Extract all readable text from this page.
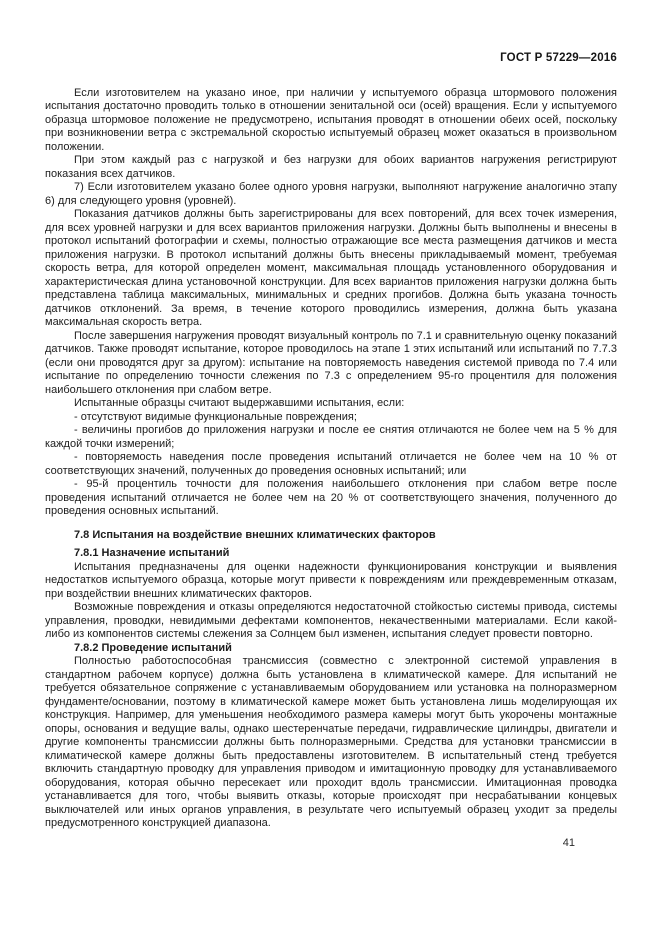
ГОСТ Р 57229—2016

Если изготовителем на указано иное, при наличии у испытуемого образца штормового положения испытания достаточно проводить только в отношении зенитальной оси (осей) вращения. Если у испытуемого образца штормовое положение не предусмотрено, испытания проводят в отношении обеих осей, поскольку при возникновении ветра с экстремальной скоростью испытуемый образец может оказаться в произвольном положении.

При этом каждый раз с нагрузкой и без нагрузки для обоих вариантов нагружения регистрируют показания всех датчиков.

7) Если изготовителем указано более одного уровня нагрузки, выполняют нагружение аналогично этапу 6) для следующего уровня (уровней).

Показания датчиков должны быть зарегистрированы для всех повторений, для всех точек измерения, для всех уровней нагрузки и для всех вариантов приложения нагрузки. Должны быть выполнены и внесены в протокол испытаний фотографии и схемы, полностью отражающие все места размещения датчиков и места приложения нагрузки. В протокол испытаний должны быть внесены прикладываемый момент, требуемая скорость ветра, для которой определен момент, максимальная площадь установленного оборудования и характеристическая длина установочной конструкции. Для всех вариантов приложения нагрузки должна быть представлена таблица максимальных, минимальных и средних прогибов. Должна быть указана точность датчиков отклонений. За время, в течение которого проводились измерения, должна быть указана максимальная скорость ветра.

После завершения нагружения проводят визуальный контроль по 7.1 и сравнительную оценку показаний датчиков. Также проводят испытание, которое проводилось на этапе 1 этих испытаний или испытаний по 7.7.3 (если они проводятся друг за другом): испытание на повторяемость наведения системой привода по 7.4 или испытание по определению точности слежения по 7.3 с определением 95-го процентиля для положения наибольшего отклонения при слабом ветре.

Испытанные образцы считают выдержавшими испытания, если:

- отсутствуют видимые функциональные повреждения;

- величины прогибов до приложения нагрузки и после ее снятия отличаются не более чем на 5 % для каждой точки измерений;

- повторяемость наведения после проведения испытаний отличается не более чем на 10 % от соответствующих значений, полученных до проведения основных испытаний; или

- 95-й процентиль точности для положения наибольшего отклонения при слабом ветре после проведения испытаний отличается не более чем на 20 % от соответствующего значения, полученного до проведения основных испытаний.

7.8 Испытания на воздействие внешних климатических факторов

7.8.1 Назначение испытаний

Испытания предназначены для оценки надежности функционирования конструкции и выявления недостатков испытуемого образца, которые могут привести к повреждениям или преждевременным отказам, при воздействии внешних климатических факторов.

Возможные повреждения и отказы определяются недостаточной стойкостью системы привода, системы управления, проводки, невидимыми дефектами компонентов, некачественными материалами. Если какой-либо из компонентов системы слежения за Солнцем был изменен, испытания следует провести повторно.

7.8.2 Проведение испытаний

Полностью работоспособная трансмиссия (совместно с электронной системой управления в стандартном рабочем корпусе) должна быть установлена в климатической камере. Для испытаний не требуется обязательное сопряжение с устанавливаемым оборудованием или установка на полноразмерном фундаменте/основании, поэтому в климатической камере может быть установлена лишь моделирующая их конструкция. Например, для уменьшения необходимого размера камеры могут быть укорочены монтажные опоры, основания и ведущие валы, однако шестеренчатые передачи, гидравлические цилиндры, двигатели и другие компоненты трансмиссии должны быть полноразмерными. Средства для установки трансмиссии в климатической камере должны быть предоставлены изготовителем. В испытательный стенд требуется включить стандартную проводку для управления приводом и имитационную проводку для устанавливаемого оборудования, которая обычно пересекает или проходит вдоль трансмиссии. Имитационная проводка устанавливается для того, чтобы выявить отказы, которые происходят при несрабатывании концевых выключателей или иных органов управления, в результате чего испытуемый образец уходит за пределы предусмотренного конструкцией диапазона.

41
